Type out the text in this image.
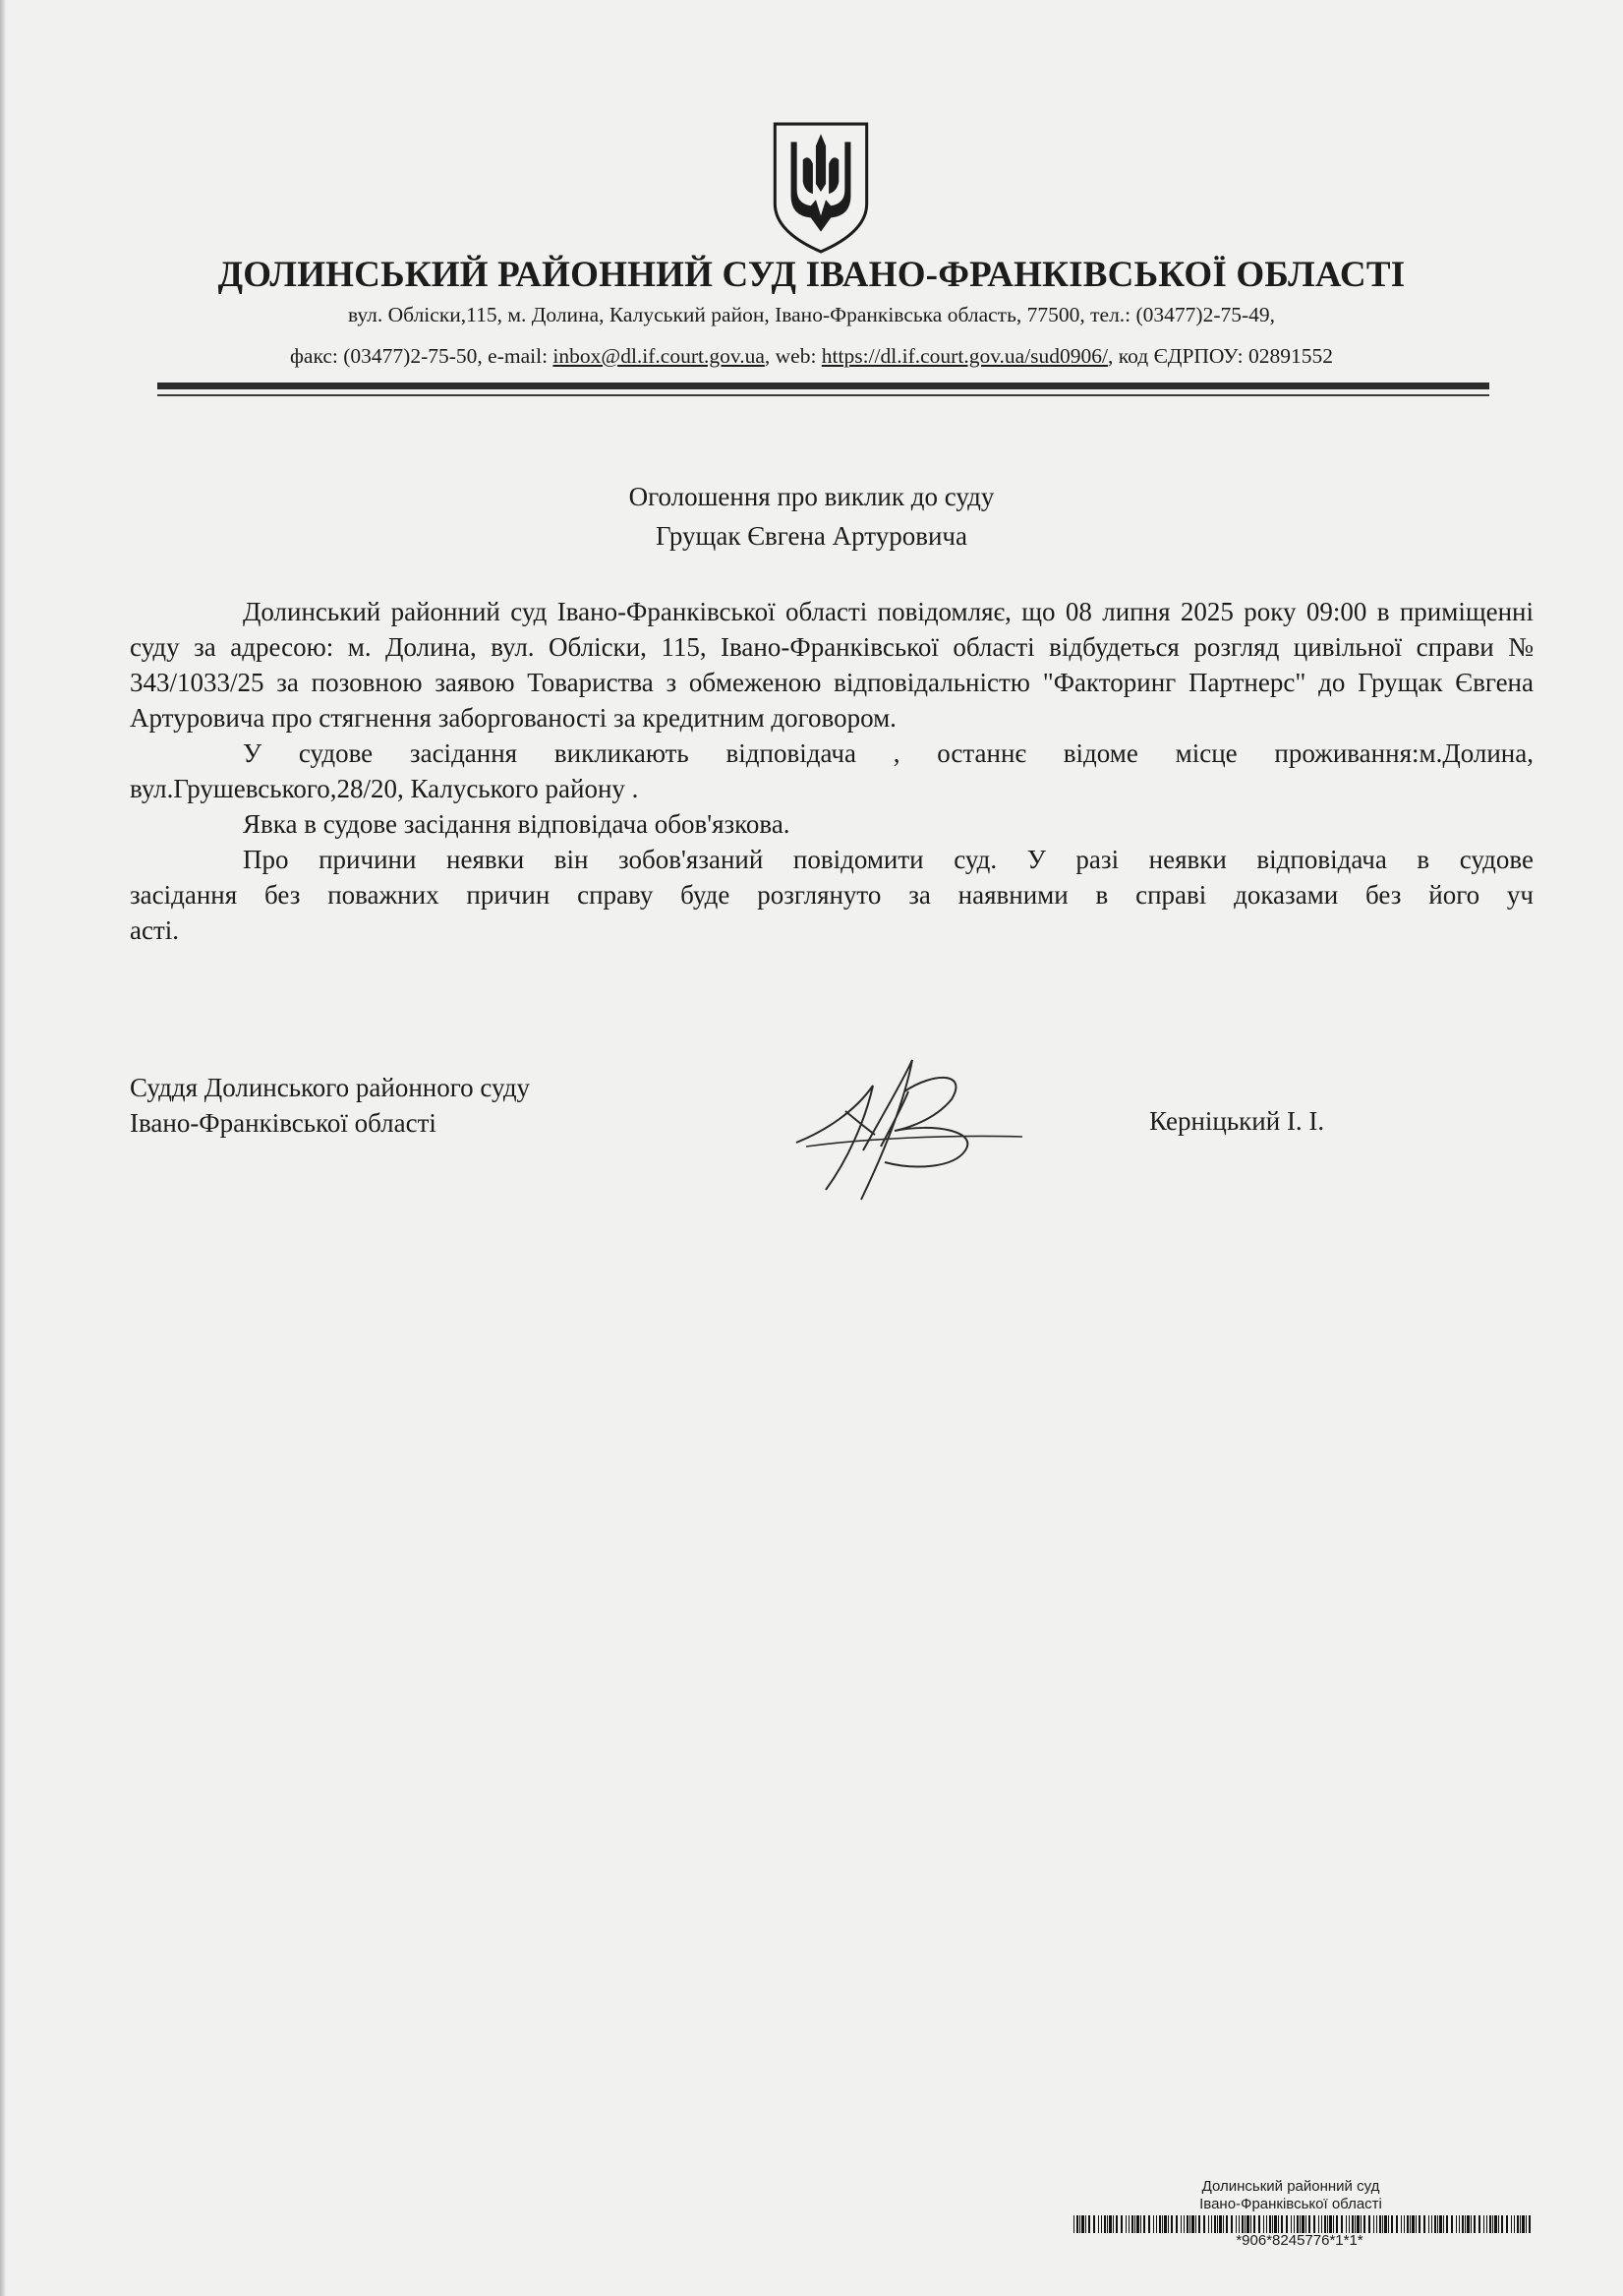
ДОЛИНСЬКИЙ РАЙОННИЙ СУД ІВАНО-ФРАНКІВСЬКОЇ ОБЛАСТІ
вул. Обліски,115, м. Долина, Калуський район, Івано-Франківська область, 77500, тел.: (03477)2-75-49,
факс: (03477)2-75-50, e-mail: inbox@dl.if.court.gov.ua, web: https://dl.if.court.gov.ua/sud0906/, код ЄДРПОУ: 02891552
Оголошення про виклик до суду
Грущак Євгена Артуровича

Долинський районний суд Івано-Франківської області повідомляє, що 08 липня 2025 року 09:00 в приміщенні суду за адресою: м. Долина, вул. Обліски, 115, Івано-Франківської області відбудеться розгляд цивільної справи № 343/1033/25 за позовною заявою Товариства з обмеженою відповідальністю "Факторинг Партнерс" до Грущак Євгена Артуровича про стягнення заборгованості за кредитним договором.

У судове засідання викликають відповідача , останнє відоме місце проживання:м.Долина, вул.Грушевського,28/20, Калуського району .

Явка в судове засідання відповідача обов'язкова.

Про причини неявки він зобов'язаний повідомити суд. У разі неявки відповідача в судове

засідання без поважних причин справу буде розглянуто за наявними в справі доказами без його уч

асті.

Суддя Долинського районного суду
Івано-Франківської області	Керніцький І. І.
Долинський районний суд
Івано-Франківської області
*906*8245776*1*1*
